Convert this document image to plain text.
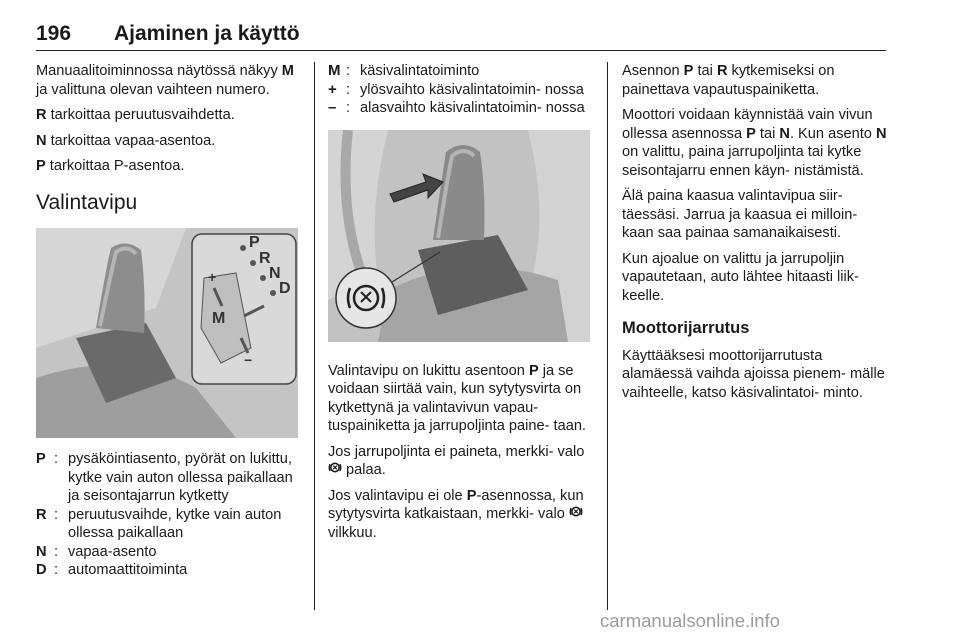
196 Ajaminen ja käyttö

Manuaalitoiminnossa näytössä näkyy M ja valittuna olevan vaihteen numero.

R tarkoittaa peruutusvaihdetta.

N tarkoittaa vapaa-asentoa.

P tarkoittaa P-asentoa.

Valintavipu
P
R
N
D
M
+
−
P	: pysäköintiasento, pyörät on lukittu, kytke vain auton ollessa paikallaan ja seisontajarrun kytketty
R	: peruutusvaihde, kytke vain auton ollessa paikallaan
N	: vapaa-asento
D	: automaattitoiminta
M	: käsivalintatoiminto
+	: ylösvaihto käsivalintatoimin- nossa
–	: alasvaihto käsivalintatoimin- nossa

Valintavipu on lukittu asentoon P ja se voidaan siirtää vain, kun sytytysvirta on kytkettynä ja valintavivun vapau- tuspainiketta ja jarrupoljinta paine- taan.

Jos jarrupoljinta ei paineta, merkki- valo  palaa.

Jos valintavipu ei ole P-asennossa, kun sytytysvirta katkaistaan, merkki- valo  vilkkuu.

Asennon P tai R kytkemiseksi on painettava vapautuspainiketta.

Moottori voidaan käynnistää vain vivun ollessa asennossa P tai N. Kun asento N on valittu, paina jarrupoljinta tai kytke seisontajarru ennen käyn- nistämistä.

Älä paina kaasua valintavipua siir- täessäsi. Jarrua ja kaasua ei milloin- kaan saa painaa samanaikaisesti.

Kun ajoalue on valittu ja jarrupoljin vapautetaan, auto lähtee hitaasti liik- keelle.

Moottorijarrutus

Käyttääksesi moottorijarrutusta alamäessä vaihda ajoissa pienem- mälle vaihteelle, katso käsivalintatoi- minto.

carmanualsonline.info
